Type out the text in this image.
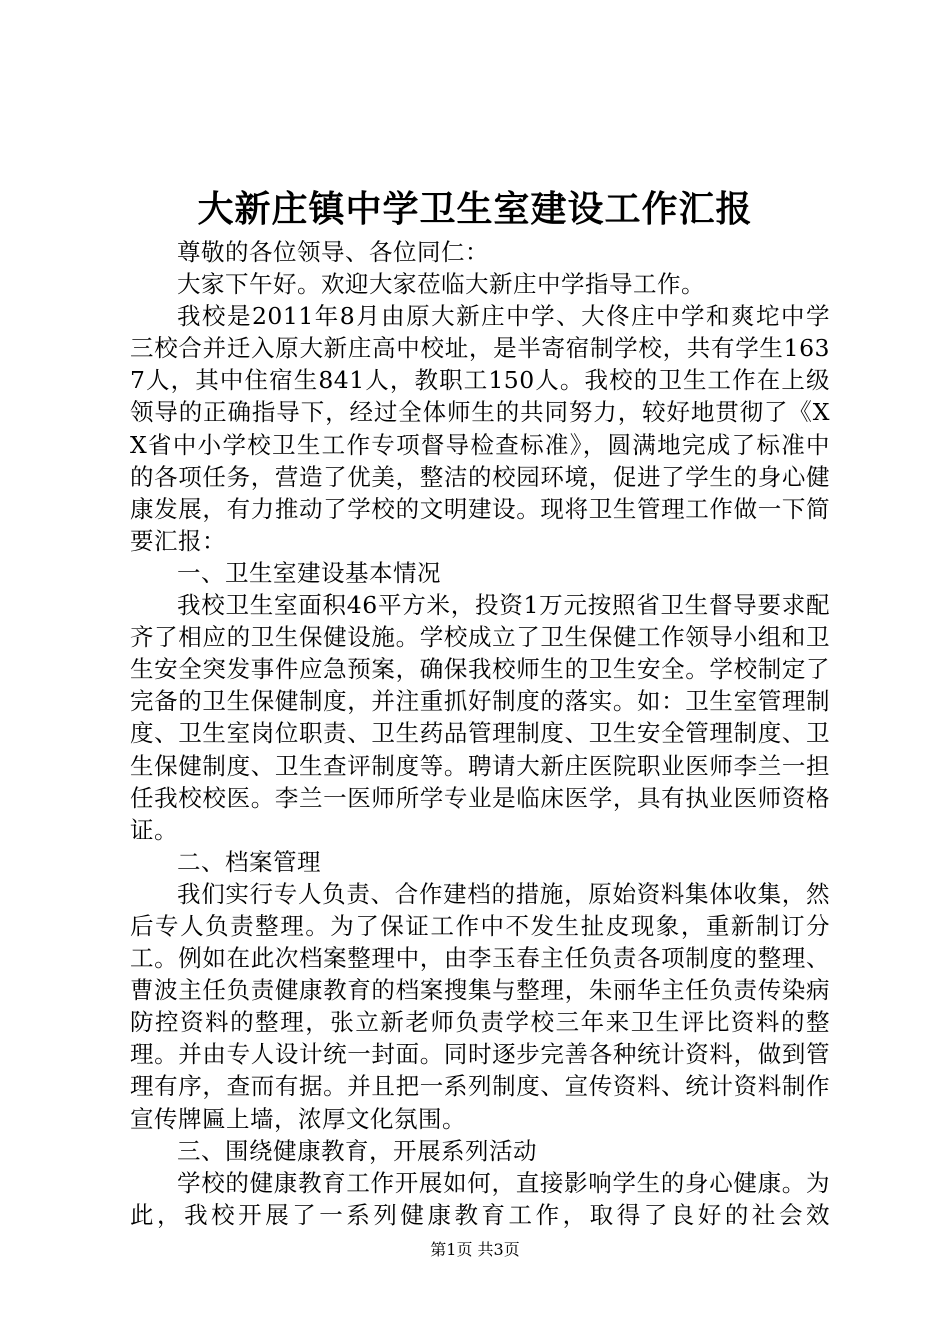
大新庄镇中学卫生室建设工作汇报

尊敬的各位领导、各位同仁：

大家下午好。欢迎大家莅临大新庄中学指导工作。

我校是2011年8月由原大新庄中学、大佟庄中学和爽坨中学三校合并迁入原大新庄高中校址，是半寄宿制学校，共有学生1637人，其中住宿生841人，教职工150人。我校的卫生工作在上级领导的正确指导下，经过全体师生的共同努力，较好地贯彻了《XX省中小学校卫生工作专项督导检查标准》，圆满地完成了标准中的各项任务，营造了优美，整洁的校园环境，促进了学生的身心健康发展，有力推动了学校的文明建设。现将卫生管理工作做一下简要汇报：

一、卫生室建设基本情况

我校卫生室面积46平方米，投资1万元按照省卫生督导要求配齐了相应的卫生保健设施。学校成立了卫生保健工作领导小组和卫生安全突发事件应急预案，确保我校师生的卫生安全。学校制定了完备的卫生保健制度，并注重抓好制度的落实。如：卫生室管理制度、卫生室岗位职责、卫生药品管理制度、卫生安全管理制度、卫生保健制度、卫生查评制度等。聘请大新庄医院职业医师李兰一担任我校校医。李兰一医师所学专业是临床医学，具有执业医师资格证。

二、档案管理

我们实行专人负责、合作建档的措施，原始资料集体收集，然后专人负责整理。为了保证工作中不发生扯皮现象，重新制订分工。例如在此次档案整理中，由李玉春主任负责各项制度的整理、曹波主任负责健康教育的档案搜集与整理，朱丽华主任负责传染病防控资料的整理，张立新老师负责学校三年来卫生评比资料的整理。并由专人设计统一封面。同时逐步完善各种统计资料，做到管理有序，查而有据。并且把一系列制度、宣传资料、统计资料制作宣传牌匾上墙，浓厚文化氛围。

三、围绕健康教育，开展系列活动

学校的健康教育工作开展如何，直接影响学生的身心健康。为此，我校开展了一系列健康教育工作，取得了良好的社会效

第1页 共3页
